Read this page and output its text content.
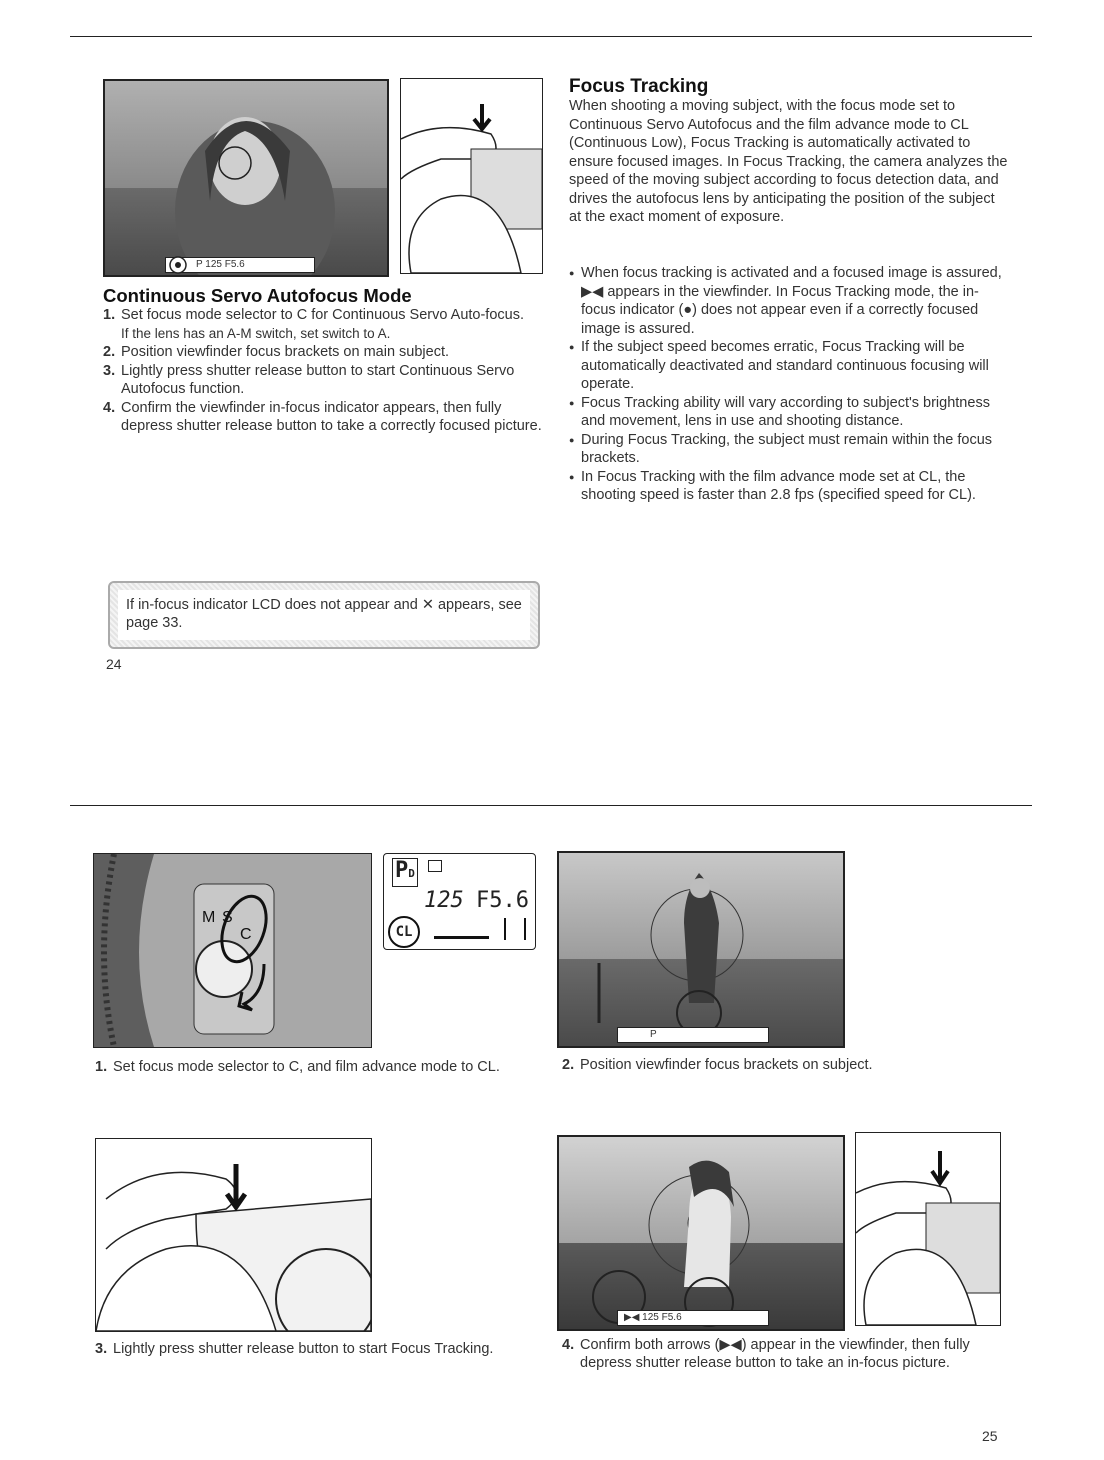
P 125 F5.6
Continuous Servo Autofocus Mode
1. Set focus mode selector to C for Continuous Servo Auto-focus.

If the lens has an A-M switch, set switch to A.

2. Position viewfinder focus brackets on main subject.

3. Lightly press shutter release button to start Continuous Servo Autofocus function.

4. Confirm the viewfinder in-focus indicator appears, then fully depress shutter release button to take a correctly focused picture.

Focus Tracking
When shooting a moving subject, with the focus mode set to Continuous Servo Autofocus and the film advance mode to CL (Continuous Low), Focus Tracking is automatically activated to ensure focused images. In Focus Tracking, the camera analyzes the speed of the moving subject according to focus detection data, and drives the autofocus lens by anticipating the position of the subject at the exact moment of exposure.
● When focus tracking is activated and a focused image is assured, ▶◀ appears in the viewfinder. In Focus Tracking mode, the in-focus indicator (●) does not appear even if a correctly focused image is assured.

● If the subject speed becomes erratic, Focus Tracking will be automatically deactivated and standard continuous focusing will operate.

● Focus Tracking ability will vary according to subject's brightness and movement, lens in use and shooting distance.

● During Focus Tracking, the subject must remain within the focus brackets.

● In Focus Tracking with the film advance mode set at CL, the shooting speed is faster than 2.8 fps (specified speed for CL).

If in-focus indicator LCD does not appear and ✕ appears, see page 33.
24
M S
C
PD
125 F5.6
CL
P
1. Set focus mode selector to C, and film advance mode to CL.	2. Position viewfinder focus brackets on subject.
▶◀ 125 F5.6
3. Lightly press shutter release button to start Focus Tracking.	4. Confirm both arrows (▶◀) appear in the viewfinder, then fully depress shutter release button to take an in-focus picture.
25
